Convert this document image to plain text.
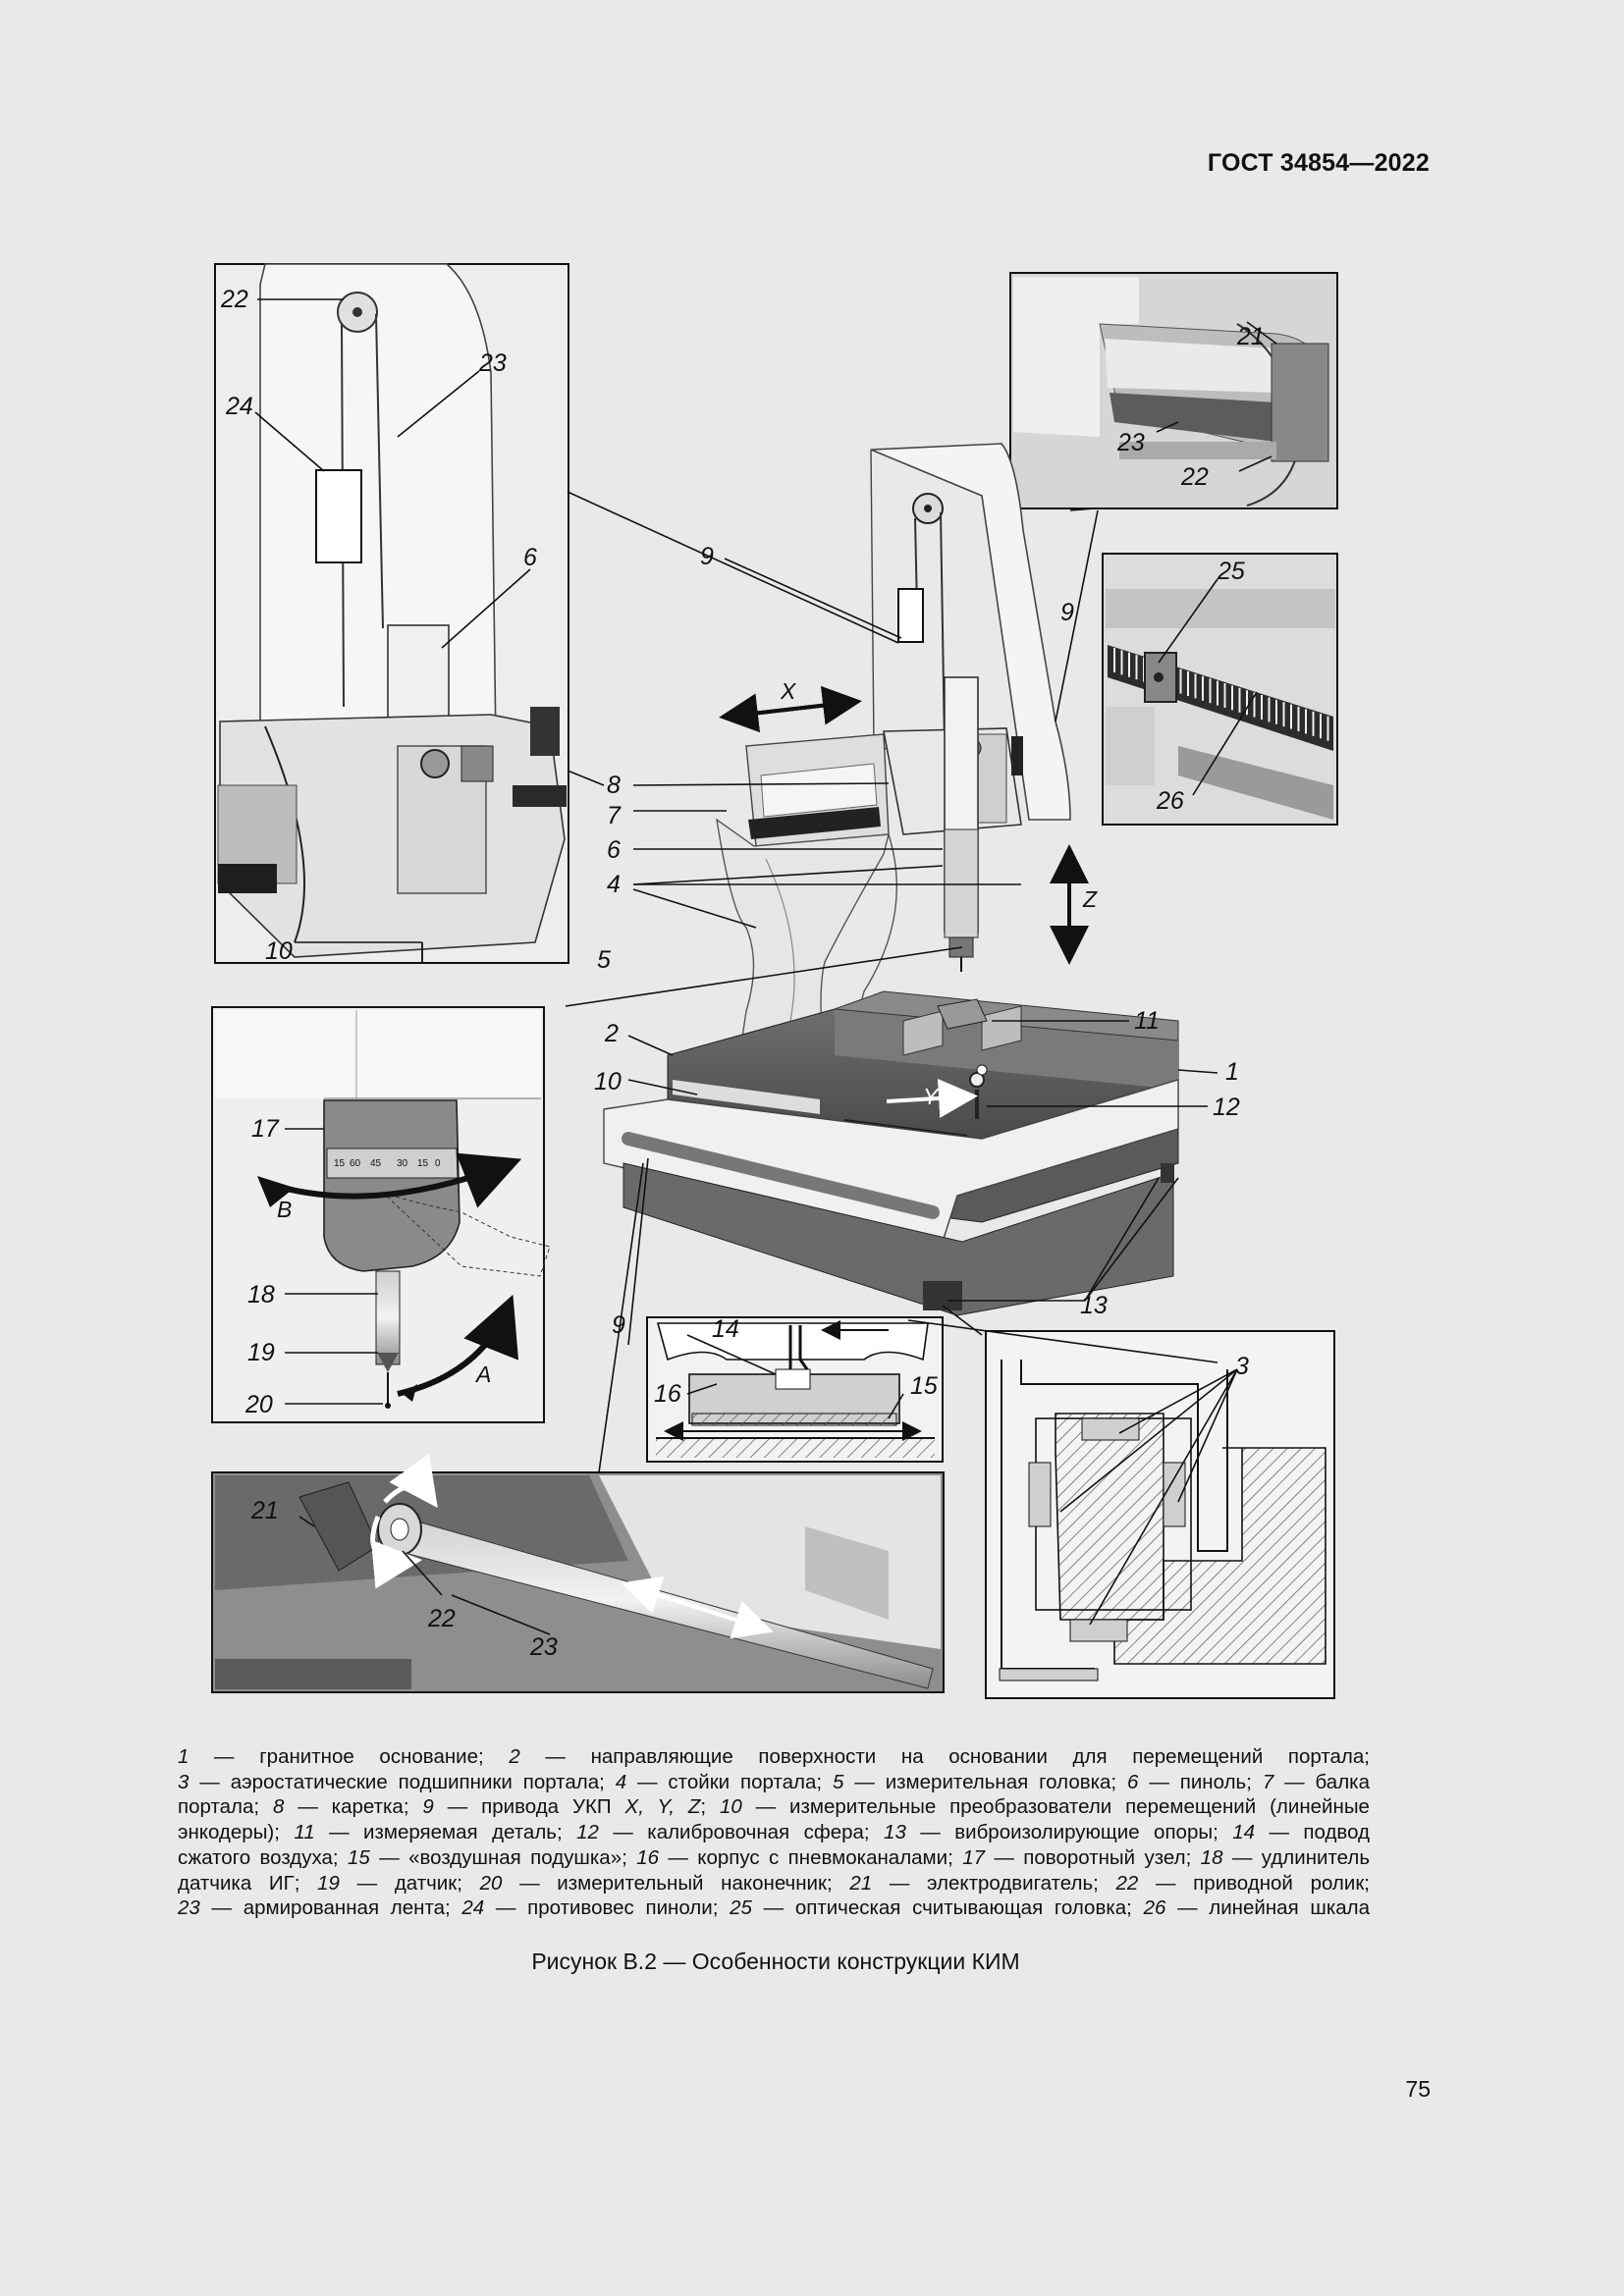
ГОСТ 34854—2022
15 60 45 30 15 0
22
23
24
6
10
9
9
8
7
6
4
5
2
10
11
1
12
13
9
17
18
19
20
14
15
16
3
21
23
22
25
26
21
22
23
X
Z
Y
B
A
1 — гранитное основание; 2 — направляющие поверхности на основании для перемещений портала;
3 — аэростатические подшипники портала; 4 — стойки портала; 5 — измерительная головка; 6 — пиноль; 7 — балка
портала; 8 — каретка; 9 — привода УКП X, Y, Z; 10 — измерительные преобразователи перемещений (линейные
энкодеры); 11 — измеряемая деталь; 12 — калибровочная сфера; 13 — виброизолирующие опоры; 14 — подвод
сжатого воздуха; 15 — «воздушная подушка»; 16 — корпус с пневмоканалами; 17 — поворотный узел; 18 — удлинитель
датчика ИГ; 19 — датчик; 20 — измерительный наконечник; 21 — электродвигатель; 22 — приводной ролик;
23 — армированная лента; 24 — противовес пиноли; 25 — оптическая считывающая головка; 26 — линейная шкала
Рисунок В.2 — Особенности конструкции КИМ
75
